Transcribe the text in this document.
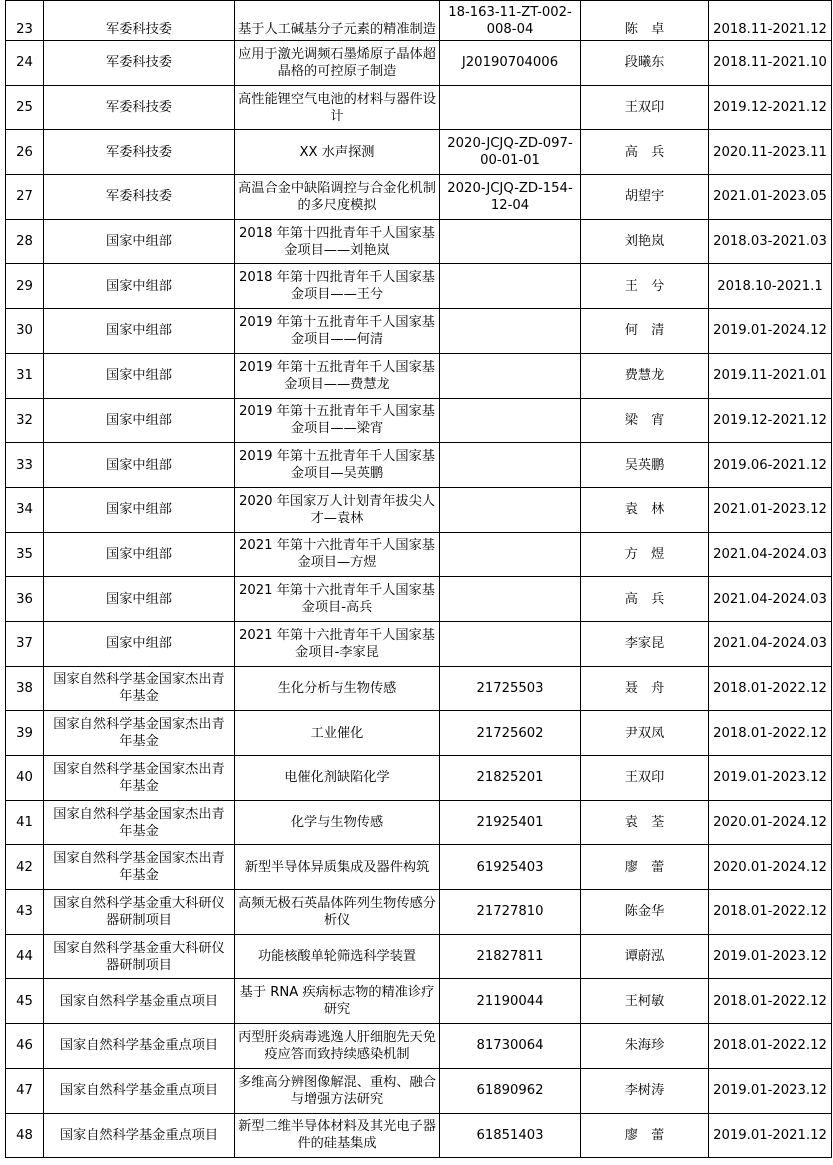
23	军委科技委	基于人工碱基分子元素的精准制造	18-163-11-ZT-002-008-04	陈　卓	2018.11-2021.12
24	军委科技委	应用于激光调频石墨烯原子晶体超晶格的可控原子制造	J20190704006	段曦东	2018.11-2021.10
25	军委科技委	高性能锂空气电池的材料与器件设计		王双印	2019.12-2021.12
26	军委科技委	XX 水声探测	2020-JCJQ-ZD-097-00-01-01	高　兵	2020.11-2023.11
27	军委科技委	高温合金中缺陷调控与合金化机制的多尺度模拟	2020-JCJQ-ZD-154-12-04	胡望宇	2021.01-2023.05
28	国家中组部	2018 年第十四批青年千人国家基金项目——刘艳岚		刘艳岚	2018.03-2021.03
29	国家中组部	2018 年第十四批青年千人国家基金项目——王兮		王　兮	2018.10-2021.1
30	国家中组部	2019 年第十五批青年千人国家基金项目——何清		何　清	2019.01-2024.12
31	国家中组部	2019 年第十五批青年千人国家基金项目——费慧龙		费慧龙	2019.11-2021.01
32	国家中组部	2019 年第十五批青年千人国家基金项目——梁宵		梁　宵	2019.12-2021.12
33	国家中组部	2019 年第十五批青年千人国家基金项目—吴英鹏		吴英鹏	2019.06-2021.12
34	国家中组部	2020 年国家万人计划青年拔尖人才—袁林		袁　林	2021.01-2023.12
35	国家中组部	2021 年第十六批青年千人国家基金项目—方煜		方　煜	2021.04-2024.03
36	国家中组部	2021 年第十六批青年千人国家基金项目-高兵		高　兵	2021.04-2024.03
37	国家中组部	2021 年第十六批青年千人国家基金项目-李家昆		李家昆	2021.04-2024.03
38	国家自然科学基金国家杰出青年基金	生化分析与生物传感	21725503	聂　舟	2018.01-2022.12
39	国家自然科学基金国家杰出青年基金	工业催化	21725602	尹双凤	2018.01-2022.12
40	国家自然科学基金国家杰出青年基金	电催化剂缺陷化学	21825201	王双印	2019.01-2023.12
41	国家自然科学基金国家杰出青年基金	化学与生物传感	21925401	袁　荃	2020.01-2024.12
42	国家自然科学基金国家杰出青年基金	新型半导体异质集成及器件构筑	61925403	廖　蕾	2020.01-2024.12
43	国家自然科学基金重大科研仪器研制项目	高频无极石英晶体阵列生物传感分析仪	21727810	陈金华	2018.01-2022.12
44	国家自然科学基金重大科研仪器研制项目	功能核酸单轮筛选科学装置	21827811	谭蔚泓	2019.01-2023.12
45	国家自然科学基金重点项目	基于 RNA 疾病标志物的精准诊疗研究	21190044	王柯敏	2018.01-2022.12
46	国家自然科学基金重点项目	丙型肝炎病毒逃逸人肝细胞先天免疫应答而致持续感染机制	81730064	朱海珍	2018.01-2022.12
47	国家自然科学基金重点项目	多维高分辨图像解混、重构、融合与增强方法研究	61890962	李树涛	2019.01-2023.12
48	国家自然科学基金重点项目	新型二维半导体材料及其光电子器件的硅基集成	61851403	廖　蕾	2019.01-2021.12
